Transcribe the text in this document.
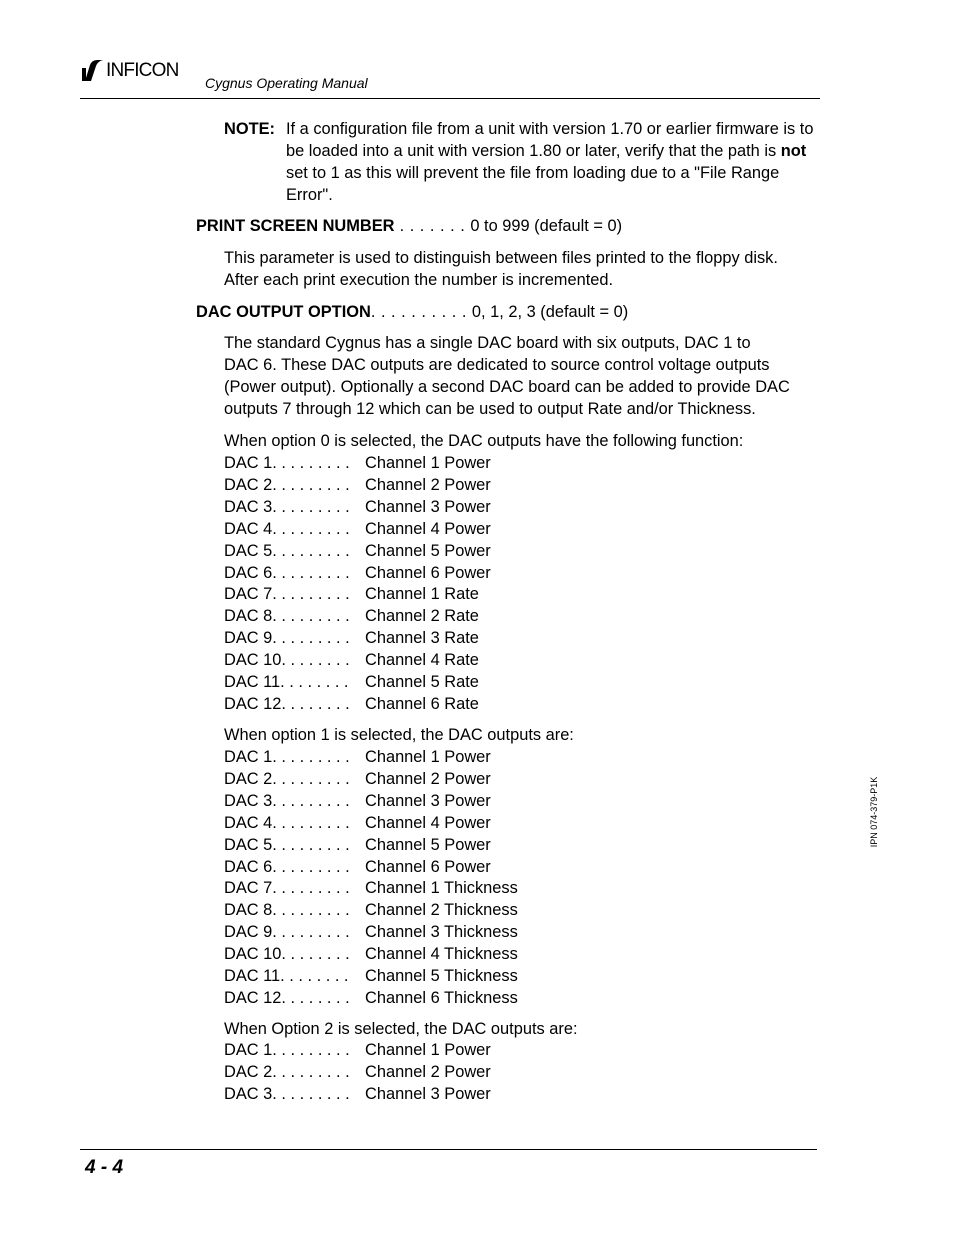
INFICON
Cygnus Operating Manual
IPN 074-379-P1K
NOTE: If a configuration file from a unit with version 1.70 or earlier firmware is to be loaded into a unit with version 1.80 or later, verify that the path is not set to 1 as this will prevent the file from loading due to a "File Range Error".
PRINT SCREEN NUMBER . . . . . . . 0 to 999 (default = 0)
This parameter is used to distinguish between files printed to the floppy disk.
After each print execution the number is incremented.
DAC OUTPUT OPTION. . . . . . . . . . 0, 1, 2, 3 (default = 0)
The standard Cygnus has a single DAC board with six outputs, DAC 1 to
DAC 6. These DAC outputs are dedicated to source control voltage outputs
(Power output). Optionally a second DAC board can be added to provide DAC
outputs 7 through 12 which can be used to output Rate and/or Thickness.
When option 0 is selected, the DAC outputs have the following function:
DAC 1. . . . . . . . . Channel 1 Power
DAC 2. . . . . . . . . Channel 2 Power
DAC 3. . . . . . . . . Channel 3 Power
DAC 4. . . . . . . . . Channel 4 Power
DAC 5. . . . . . . . . Channel 5 Power
DAC 6. . . . . . . . . Channel 6 Power
DAC 7. . . . . . . . . Channel 1 Rate
DAC 8. . . . . . . . . Channel 2 Rate
DAC 9. . . . . . . . . Channel 3 Rate
DAC 10. . . . . . . . Channel 4 Rate
DAC 11. . . . . . . . Channel 5 Rate
DAC 12. . . . . . . . Channel 6 Rate
When option 1 is selected, the DAC outputs are:
DAC 1. . . . . . . . . Channel 1 Power
DAC 2. . . . . . . . . Channel 2 Power
DAC 3. . . . . . . . . Channel 3 Power
DAC 4. . . . . . . . . Channel 4 Power
DAC 5. . . . . . . . . Channel 5 Power
DAC 6. . . . . . . . . Channel 6 Power
DAC 7. . . . . . . . . Channel 1 Thickness
DAC 8. . . . . . . . . Channel 2 Thickness
DAC 9. . . . . . . . . Channel 3 Thickness
DAC 10. . . . . . . . Channel 4 Thickness
DAC 11. . . . . . . . Channel 5 Thickness
DAC 12. . . . . . . . Channel 6 Thickness
When Option 2 is selected, the DAC outputs are:
DAC 1. . . . . . . . . Channel 1 Power
DAC 2. . . . . . . . . Channel 2 Power
DAC 3. . . . . . . . . Channel 3 Power
4 - 4
